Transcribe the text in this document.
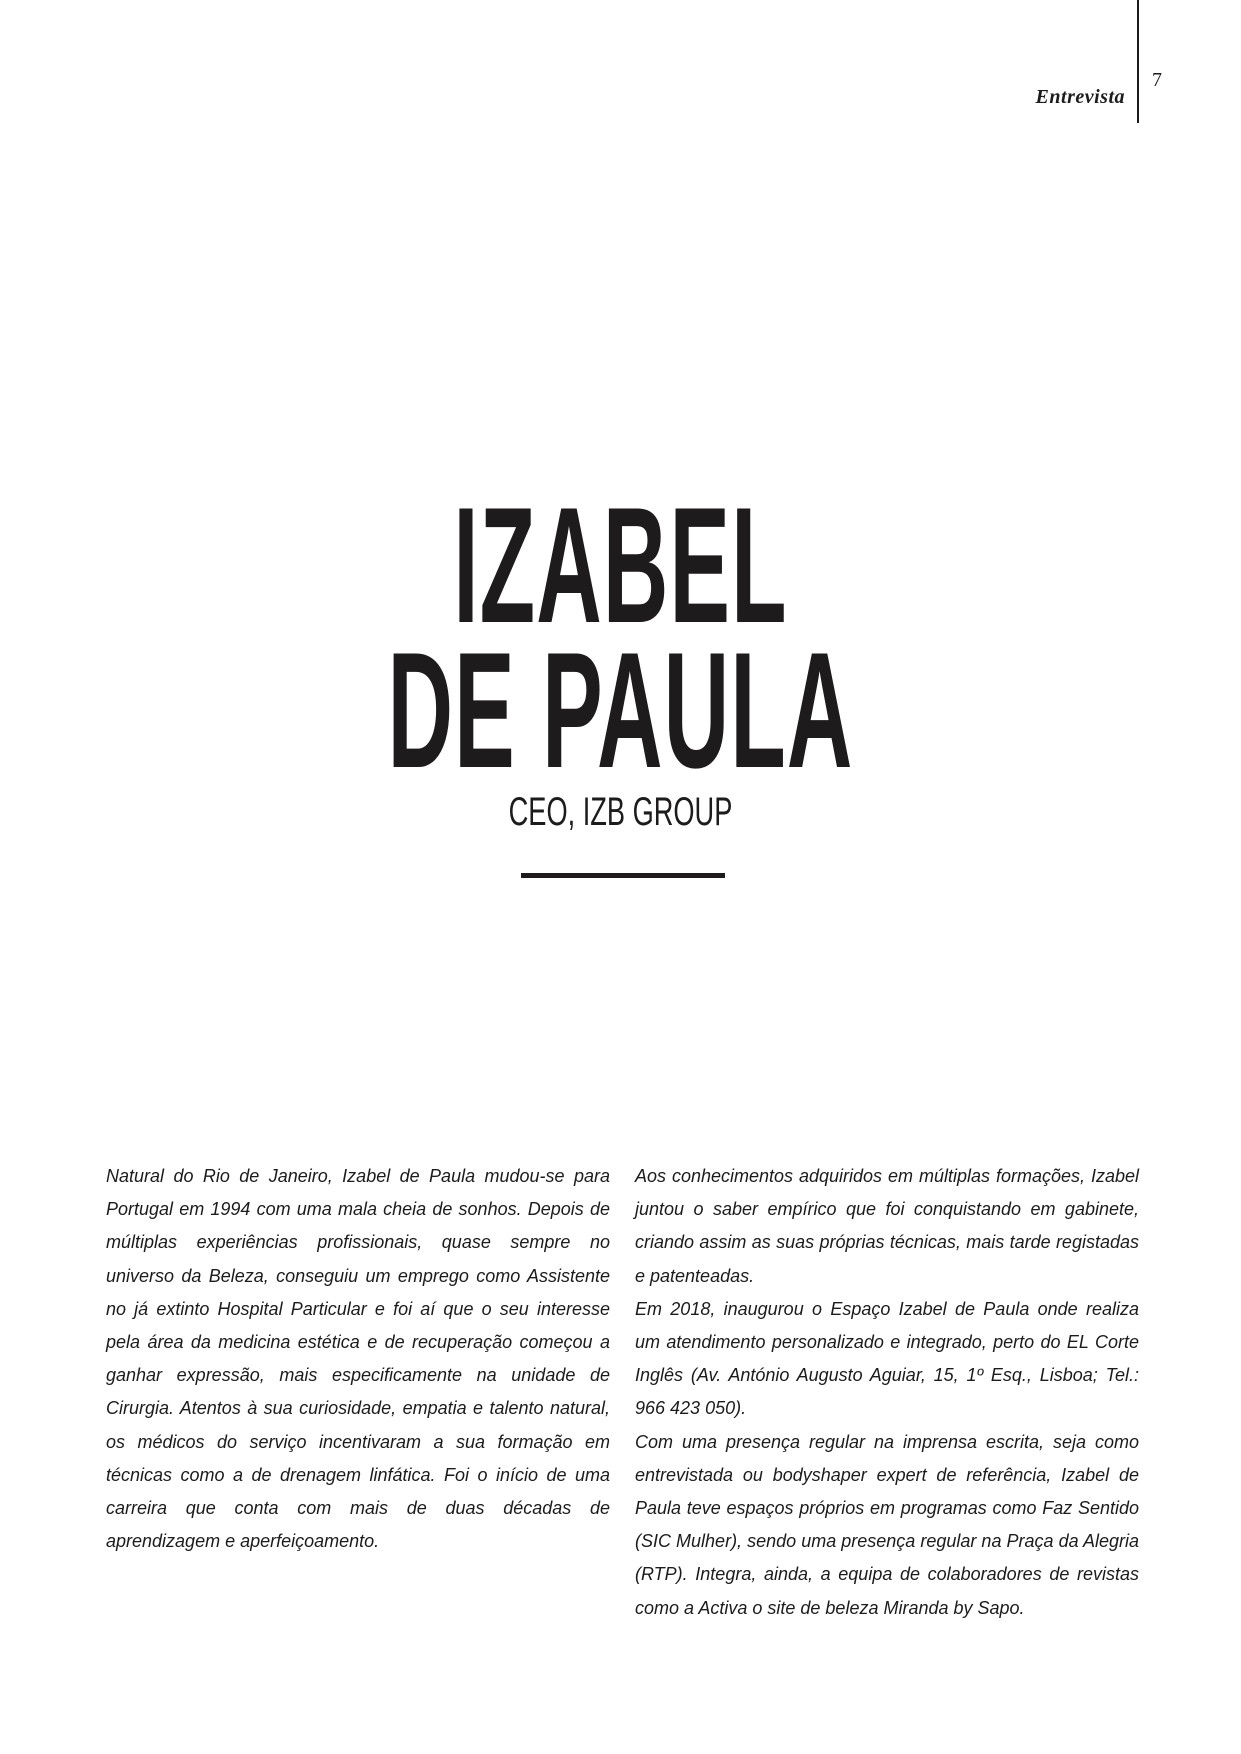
Entrevista
7
IZABEL
DE PAULA
CEO, IZB GROUP

Natural do Rio de Janeiro, Izabel de Paula mudou-se para Portugal em 1994 com uma mala cheia de sonhos. Depois de múltiplas experiências profissionais, quase sempre no universo da Beleza, conseguiu um emprego como Assistente no já extinto Hospital Particular e foi aí que o seu interesse pela área da medicina estética e de recuperação começou a ganhar expressão, mais especificamente na unidade de Cirurgia. Atentos à sua curiosidade, empatia e talento natural, os médicos do serviço incentivaram a sua formação em técnicas como a de drenagem linfática. Foi o início de uma carreira que conta com mais de duas décadas de aprendizagem e aperfeiçoamento.

Aos conhecimentos adquiridos em múltiplas formações, Izabel juntou o saber empírico que foi conquistando em gabinete, criando assim as suas próprias técnicas, mais tarde registadas e patenteadas.

Em 2018, inaugurou o Espaço Izabel de Paula onde realiza um atendimento personalizado e integrado, perto do EL Corte Inglês (Av. António Augusto Aguiar, 15, 1º Esq., Lisboa; Tel.: 966 423 050).

Com uma presença regular na imprensa escrita, seja como entrevistada ou bodyshaper expert de referência, Izabel de Paula teve espaços próprios em programas como Faz Sentido (SIC Mulher), sendo uma presença regular na Praça da Alegria (RTP). Integra, ainda, a equipa de colaboradores de revistas como a Activa o site de beleza Miranda by Sapo.
